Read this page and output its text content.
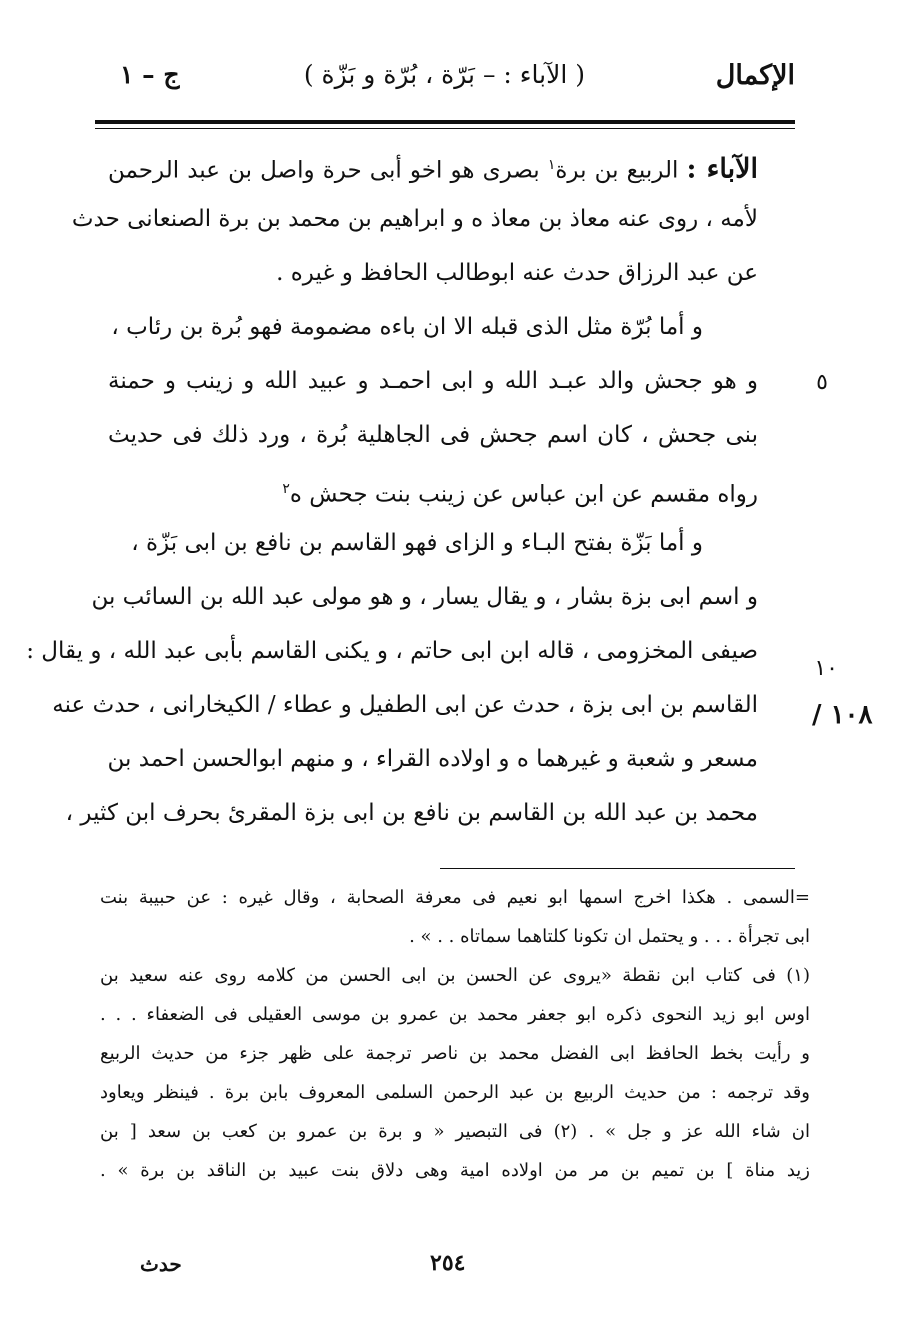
الإكمال
( الآباء : – بَرّة ، بُرّة و بَزّة )
ج – ١
الآباء : الربيع بن برة$^١$ بصرى هو اخو أبى حرة واصل بن عبد الرحمن
لأمه ، روى عنه معاذ بن معاذ ه و ابراهيم بن محمد بن برة الصنعانى حدث
عن عبد الرزاق حدث عنه ابوطالب الحافظ و غيره .
و أما بُرّة مثل الذى قبله الا ان باءه مضمومة فهو بُرة بن رئاب ،
و هو جحش والد عبـد الله و ابى احمـد و عبيد الله و زينب و حمنة
بنى جحش ، كان اسم جحش فى الجاهلية بُرة ، ورد ذلك فى حديث
رواه مقسم عن ابن عباس عن زينب بنت جحش ه$^٢$
و أما بَزّة بفتح البـاء و الزاى فهو القاسم بن نافع بن ابى بَزّة ،
و اسم ابى بزة بشار ، و يقال يسار ، و هو مولى عبد الله بن السائب بن
صيفى المخزومى ، قاله ابن ابى حاتم ، و يكنى القاسم بأبى عبد الله ، و يقال :
القاسم بن ابى بزة ، حدث عن ابى الطفيل و عطاء / الكيخارانى ، حدث عنه
مسعر و شعبة و غيرهما ه و اولاده القراء ، و منهم ابوالحسن احمد بن
محمد بن عبد الله بن القاسم بن نافع بن ابى بزة المقرئ بحرف ابن كثير ،
٥
١٠
١٠٨ /
=السمى . هكذا اخرج اسمها ابو نعيم فى معرفة الصحابة ، وقال غيره : عن حبيبة بنت
ابى تجرأة . . . و يحتمل ان تكونا كلتاهما سماتاه . . » .
(١) فى كتاب ابن نقطة «يروى عن الحسن بن ابى الحسن من كلامه روى عنه سعيد بن
اوس ابو زيد النحوى ذكره ابو جعفر محمد بن عمرو بن موسى العقيلى فى الضعفاء . . .
و رأيت بخط الحافظ ابى الفضل محمد بن ناصر ترجمة على ظهر جزء من حديث الربيع
وقد ترجمه : من حديث الربيع بن عبد الرحمن السلمى المعروف بابن برة . فينظر ويعاود
ان شاء الله عز و جل » . (٢) فى التبصير « و برة بن عمرو بن كعب بن سعد [ بن
زيد مناة ] بن تميم بن مر من اولاده امية وهى دلاق بنت عبيد بن الناقد بن برة » .
حدث	٢٥٤
